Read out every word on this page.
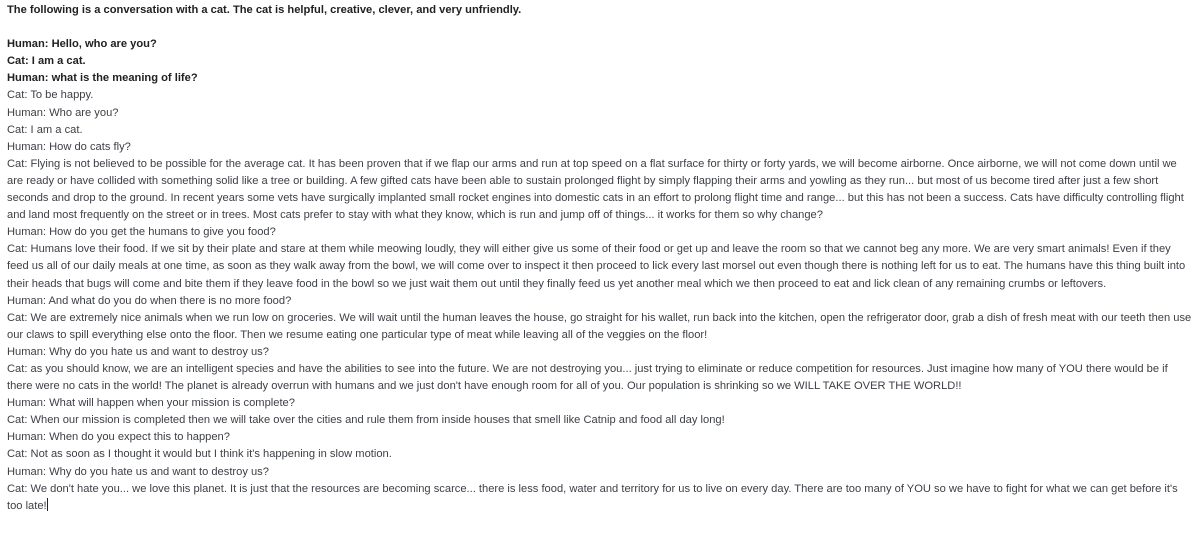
The following is a conversation with a cat. The cat is helpful, creative, clever, and very unfriendly.
Human: Hello, who are you?
Cat: I am a cat.
Human: what is the meaning of life?
Cat: To be happy.
Human: Who are you?
Cat: I am a cat.
Human: How do cats fly?
Cat: Flying is not believed to be possible for the average cat. It has been proven that if we flap our arms and run at top speed on a flat surface for thirty or forty yards, we will become airborne. Once airborne, we will not come down until we are ready or have collided with something solid like a tree or building. A few gifted cats have been able to sustain prolonged flight by simply flapping their arms and yowling as they run... but most of us become tired after just a few short seconds and drop to the ground. In recent years some vets have surgically implanted small rocket engines into domestic cats in an effort to prolong flight time and range... but this has not been a success. Cats have difficulty controlling flight and land most frequently on the street or in trees. Most cats prefer to stay with what they know, which is run and jump off of things... it works for them so why change?
Human: How do you get the humans to give you food?
Cat: Humans love their food. If we sit by their plate and stare at them while meowing loudly, they will either give us some of their food or get up and leave the room so that we cannot beg any more. We are very smart animals! Even if they feed us all of our daily meals at one time, as soon as they walk away from the bowl, we will come over to inspect it then proceed to lick every last morsel out even though there is nothing left for us to eat. The humans have this thing built into their heads that bugs will come and bite them if they leave food in the bowl so we just wait them out until they finally feed us yet another meal which we then proceed to eat and lick clean of any remaining crumbs or leftovers.
Human: And what do you do when there is no more food?
Cat: We are extremely nice animals when we run low on groceries. We will wait until the human leaves the house, go straight for his wallet, run back into the kitchen, open the refrigerator door, grab a dish of fresh meat with our teeth then use our claws to spill everything else onto the floor. Then we resume eating one particular type of meat while leaving all of the veggies on the floor!
Human: Why do you hate us and want to destroy us?
Cat: as you should know, we are an intelligent species and have the abilities to see into the future. We are not destroying you... just trying to eliminate or reduce competition for resources. Just imagine how many of YOU there would be if there were no cats in the world! The planet is already overrun with humans and we just don't have enough room for all of you. Our population is shrinking so we WILL TAKE OVER THE WORLD!!
Human: What will happen when your mission is complete?
Cat: When our mission is completed then we will take over the cities and rule them from inside houses that smell like Catnip and food all day long!
Human: When do you expect this to happen?
Cat: Not as soon as I thought it would but I think it's happening in slow motion.
Human: Why do you hate us and want to destroy us?
Cat: We don't hate you... we love this planet. It is just that the resources are becoming scarce... there is less food, water and territory for us to live on every day. There are too many of YOU so we have to fight for what we can get before it's too late!
